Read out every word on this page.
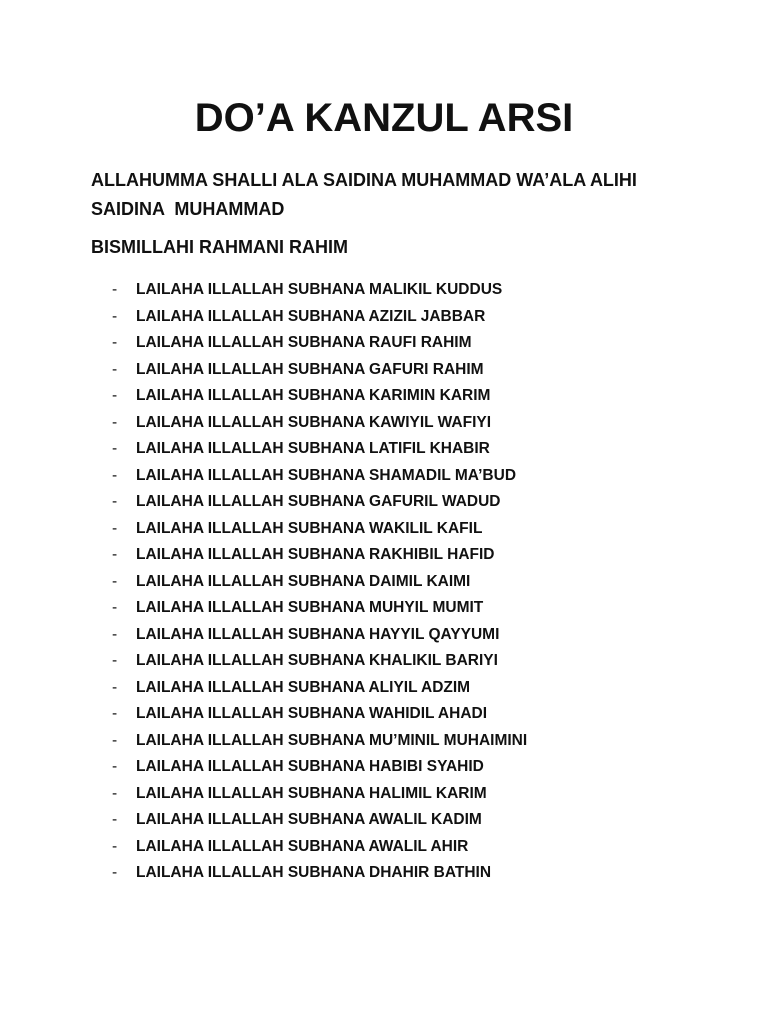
DO’A KANZUL ARSI

ALLAHUMMA SHALLI ALA SAIDINA MUHAMMAD WA’ALA ALIHI
SAIDINA  MUHAMMAD

BISMILLAHI RAHMANI RAHIM

- LAILAHA ILLALLAH SUBHANA MALIKIL KUDDUS
- LAILAHA ILLALLAH SUBHANA AZIZIL JABBAR
- LAILAHA ILLALLAH SUBHANA RAUFI RAHIM
- LAILAHA ILLALLAH SUBHANA GAFURI RAHIM
- LAILAHA ILLALLAH SUBHANA KARIMIN KARIM
- LAILAHA ILLALLAH SUBHANA KAWIYIL WAFIYI
- LAILAHA ILLALLAH SUBHANA LATIFIL KHABIR
- LAILAHA ILLALLAH SUBHANA SHAMADIL MA’BUD
- LAILAHA ILLALLAH SUBHANA GAFURIL WADUD
- LAILAHA ILLALLAH SUBHANA WAKILIL KAFIL
- LAILAHA ILLALLAH SUBHANA RAKHIBIL HAFID
- LAILAHA ILLALLAH SUBHANA DAIMIL KAIMI
- LAILAHA ILLALLAH SUBHANA MUHYIL MUMIT
- LAILAHA ILLALLAH SUBHANA HAYYIL QAYYUMI
- LAILAHA ILLALLAH SUBHANA KHALIKIL BARIYI
- LAILAHA ILLALLAH SUBHANA ALIYIL ADZIM
- LAILAHA ILLALLAH SUBHANA WAHIDIL AHADI
- LAILAHA ILLALLAH SUBHANA MU’MINIL MUHAIMINI
- LAILAHA ILLALLAH SUBHANA HABIBI SYAHID
- LAILAHA ILLALLAH SUBHANA HALIMIL KARIM
- LAILAHA ILLALLAH SUBHANA AWALIL KADIM
- LAILAHA ILLALLAH SUBHANA AWALIL AHIR
- LAILAHA ILLALLAH SUBHANA DHAHIR BATHIN
